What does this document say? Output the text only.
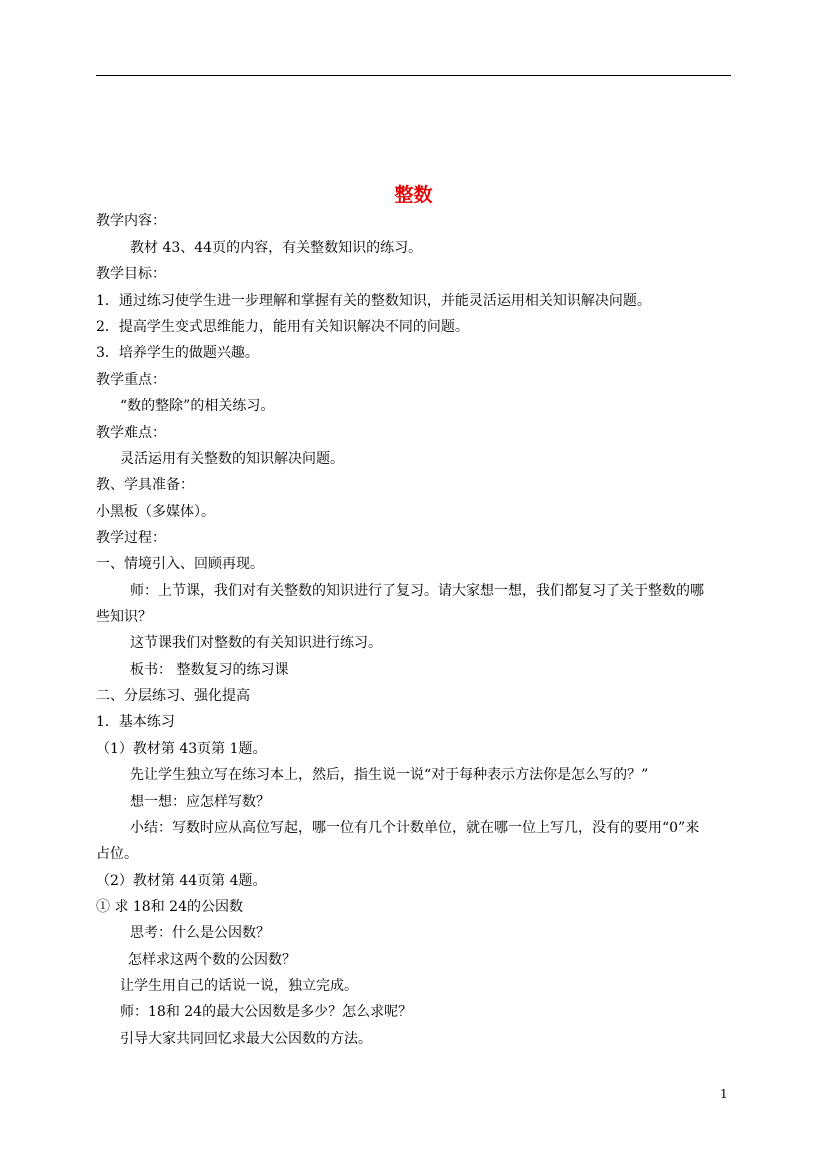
整数
教学内容：
教材 43、44页的内容，有关整数知识的练习。
教学目标：
1．通过练习使学生进一步理解和掌握有关的整数知识，并能灵活运用相关知识解决问题。
2．提高学生变式思维能力，能用有关知识解决不同的问题。
3．培养学生的做题兴趣。
教学重点：
“数的整除”的相关练习。
教学难点：
灵活运用有关整数的知识解决问题。
教、学具准备：
小黑板（多媒体）。
教学过程：
一、情境引入、回顾再现。
师：上节课，我们对有关整数的知识进行了复习。请大家想一想，我们都复习了关于整数的哪
些知识？
这节课我们对整数的有关知识进行练习。
板书： 整数复习的练习课
二、分层练习、强化提高
1．基本练习
（1）教材第 43页第 1题。
先让学生独立写在练习本上，然后，指生说一说“对于每种表示方法你是怎么写的？”
想一想：应怎样写数？
小结：写数时应从高位写起，哪一位有几个计数单位，就在哪一位上写几，没有的要用“0”来
占位。
（2）教材第 44页第 4题。
① 求 18和 24的公因数
思考：什么是公因数？
怎样求这两个数的公因数？
让学生用自己的话说一说，独立完成。
师：18和 24的最大公因数是多少？怎么求呢？
引导大家共同回忆求最大公因数的方法。
1
